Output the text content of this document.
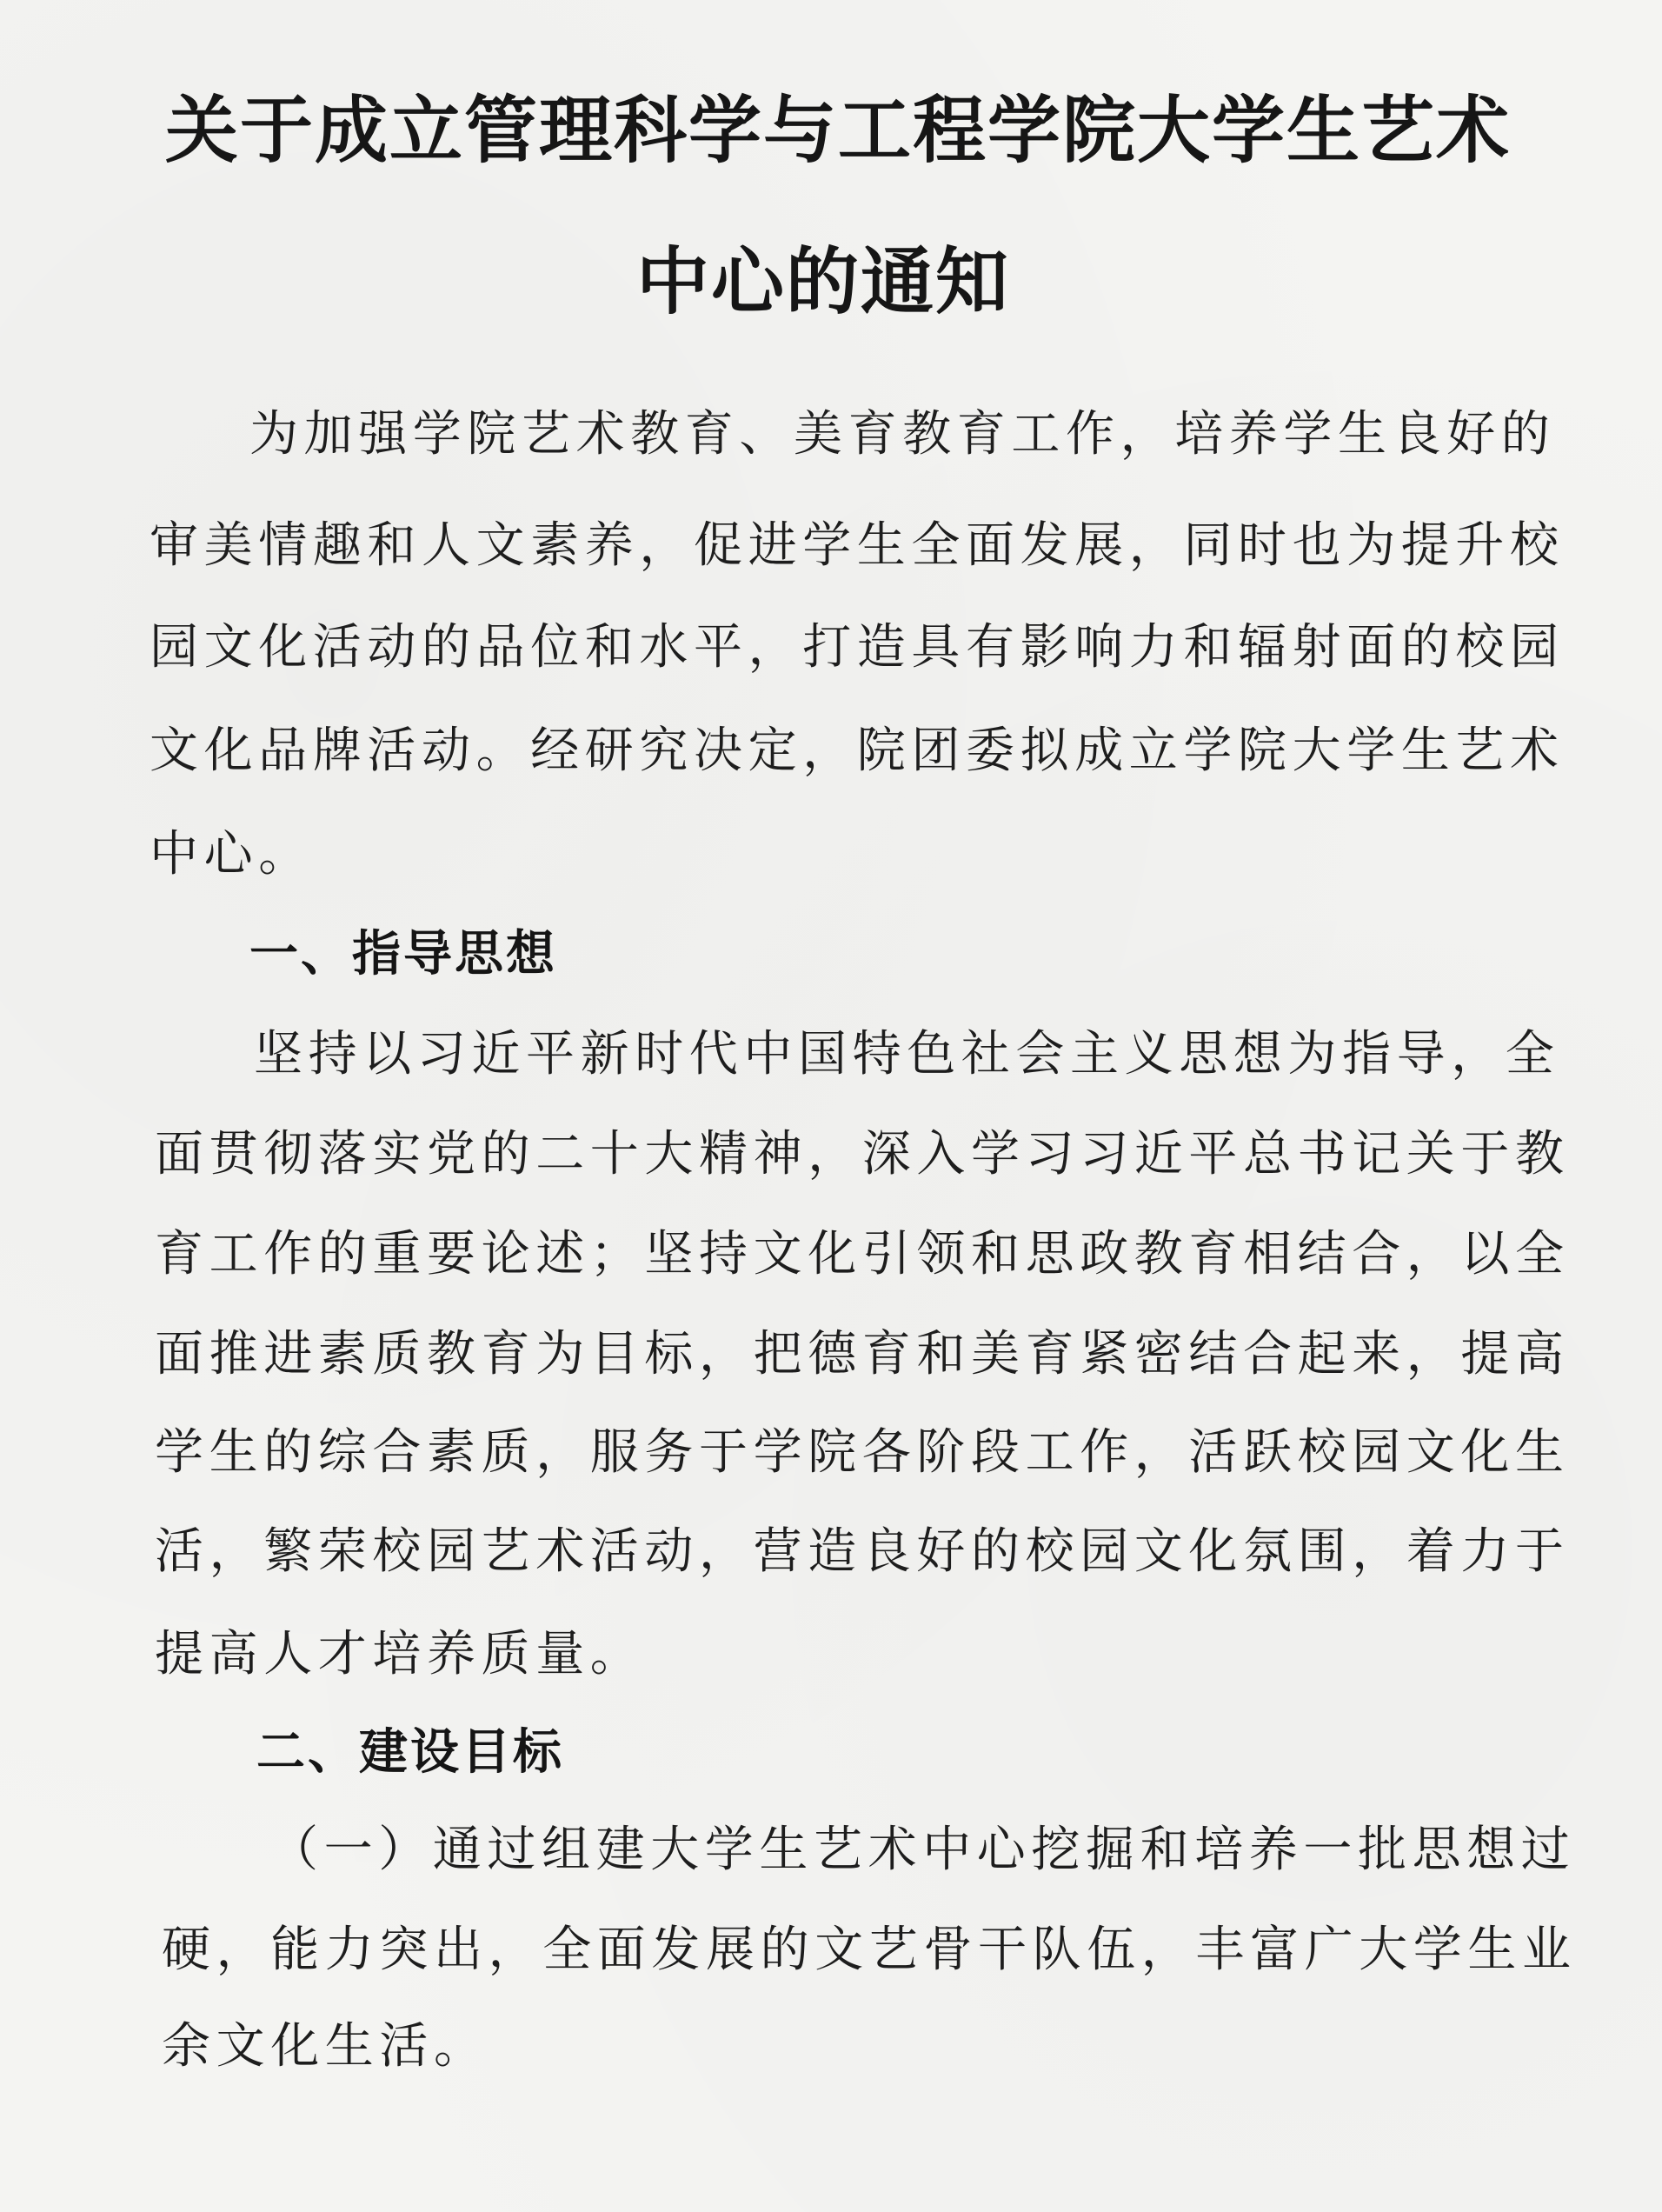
关于成立管理科学与工程学院大学生艺术
中心的通知

为加强学院艺术教育、美育教育工作，培养学生良好的

审美情趣和人文素养，促进学生全面发展，同时也为提升校

园文化活动的品位和水平，打造具有影响力和辐射面的校园

文化品牌活动。经研究决定，院团委拟成立学院大学生艺术

中心。

一、指导思想

坚持以习近平新时代中国特色社会主义思想为指导，全

面贯彻落实党的二十大精神，深入学习习近平总书记关于教

育工作的重要论述；坚持文化引领和思政教育相结合，以全

面推进素质教育为目标，把德育和美育紧密结合起来，提高

学生的综合素质，服务于学院各阶段工作，活跃校园文化生

活，繁荣校园艺术活动，营造良好的校园文化氛围，着力于

提高人才培养质量。

二、建设目标

（一）通过组建大学生艺术中心挖掘和培养一批思想过

硬，能力突出，全面发展的文艺骨干队伍，丰富广大学生业

余文化生活。
